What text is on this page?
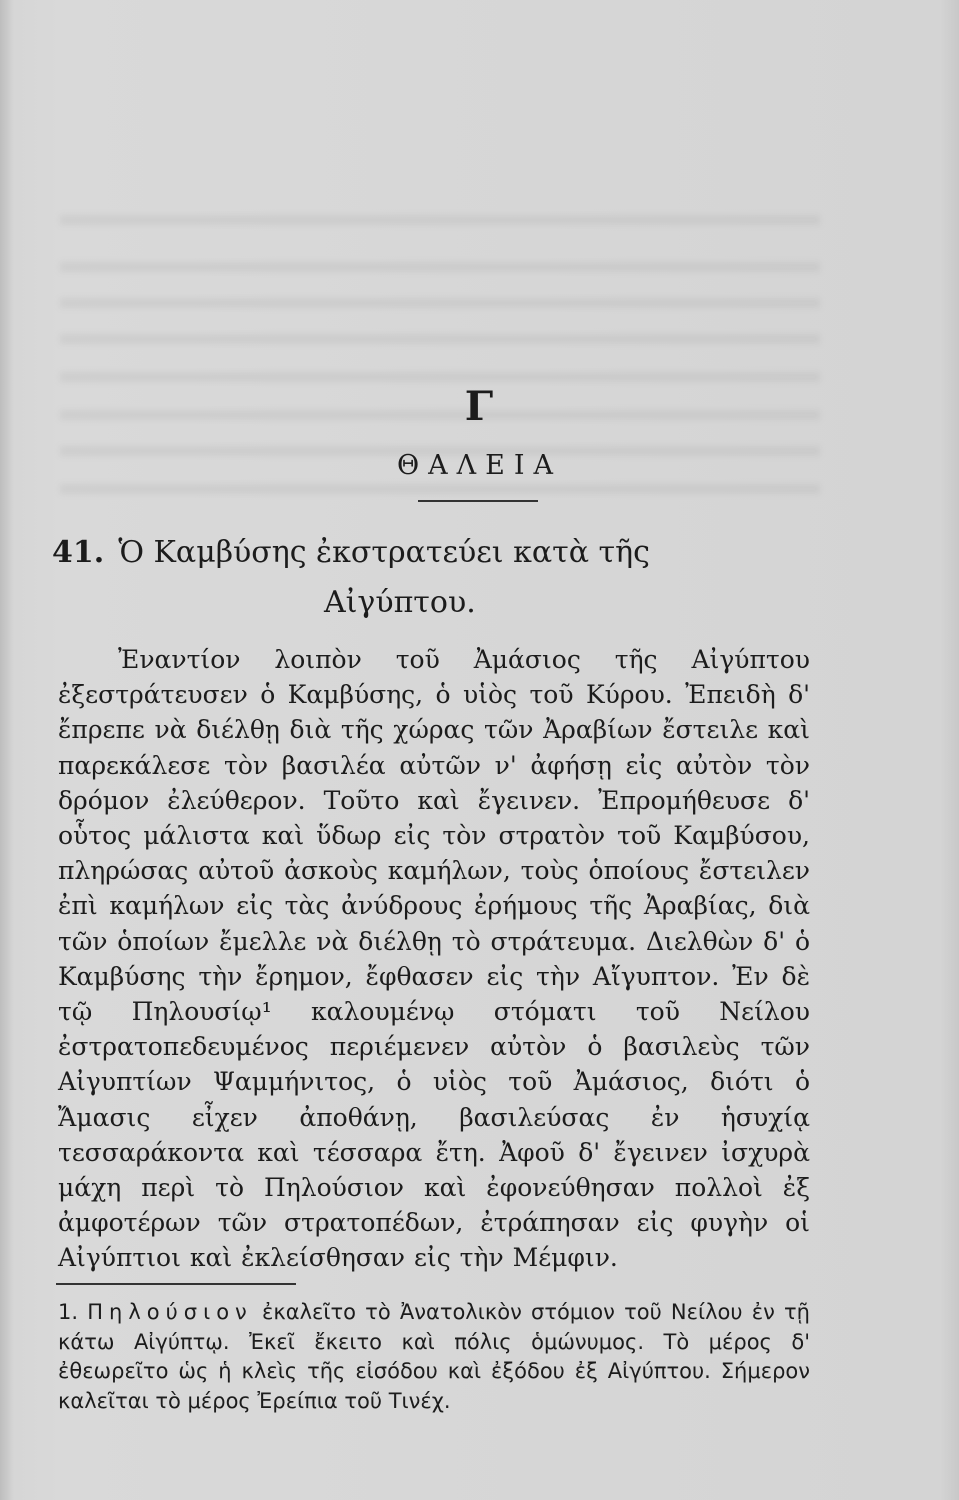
Γ
ΘΑΛΕΙΑ
41. Ὁ Καμβύσης ἐκστρατεύει κατὰ τῆς
Αἰγύπτου.
Ἐναντίον λοιπὸν τοῦ Ἀμάσιος τῆς Αἰγύπτου ἐξεστράτευσεν ὁ Καμβύσης, ὁ υἱὸς τοῦ Κύρου. Ἐπειδὴ δ' ἔπρεπε νὰ διέλθῃ διὰ τῆς χώρας τῶν Ἀραβίων ἔστειλε καὶ παρεκάλεσε τὸν βασιλέα αὐτῶν ν' ἀφήσῃ εἰς αὐτὸν τὸν δρόμον ἐλεύθερον. Τοῦτο καὶ ἔγεινεν. Ἐπρομήθευσε δ' οὗτος μάλιστα καὶ ὕδωρ εἰς τὸν στρατὸν τοῦ Καμβύσου, πληρώσας αὐτοῦ ἀσκοὺς καμήλων, τοὺς ὁποίους ἔστειλεν ἐπὶ καμήλων εἰς τὰς ἀνύδρους ἐρήμους τῆς Ἀραβίας, διὰ τῶν ὁποίων ἔμελλε νὰ διέλθῃ τὸ στράτευμα. Διελθὼν δ' ὁ Καμβύσης τὴν ἔρημον, ἔφθασεν εἰς τὴν Αἴγυπτον. Ἐν δὲ τῷ Πηλουσίῳ¹ καλουμένῳ στόματι τοῦ Νείλου ἐστρατοπεδευμένος περιέμενεν αὐτὸν ὁ βασιλεὺς τῶν Αἰγυπτίων Ψαμμήνιτος, ὁ υἱὸς τοῦ Ἀμάσιος, διότι ὁ Ἄμασις εἶχεν ἀποθάνῃ, βασιλεύσας ἐν ἡσυχίᾳ τεσσαράκοντα καὶ τέσσαρα ἔτη. Ἀφοῦ δ' ἔγεινεν ἰσχυρὰ μάχη περὶ τὸ Πηλούσιον καὶ ἐφονεύθησαν πολλοὶ ἐξ ἀμφοτέρων τῶν στρατοπέδων, ἐτράπησαν εἰς φυγὴν οἱ Αἰγύπτιοι καὶ ἐκλείσθησαν εἰς τὴν Μέμφιν.
1. Πηλούσιον ἐκαλεῖτο τὸ Ἀνατολικὸν στόμιον τοῦ Νείλου ἐν τῇ κάτω Αἰγύπτῳ. Ἐκεῖ ἔκειτο καὶ πόλις ὁμώνυμος. Τὸ μέρος δ' ἐθεωρεῖτο ὡς ἡ κλεὶς τῆς εἰσόδου καὶ ἐξόδου ἐξ Αἰγύπτου. Σήμερον καλεῖται τὸ μέρος Ἐρείπια τοῦ Τινέχ.
